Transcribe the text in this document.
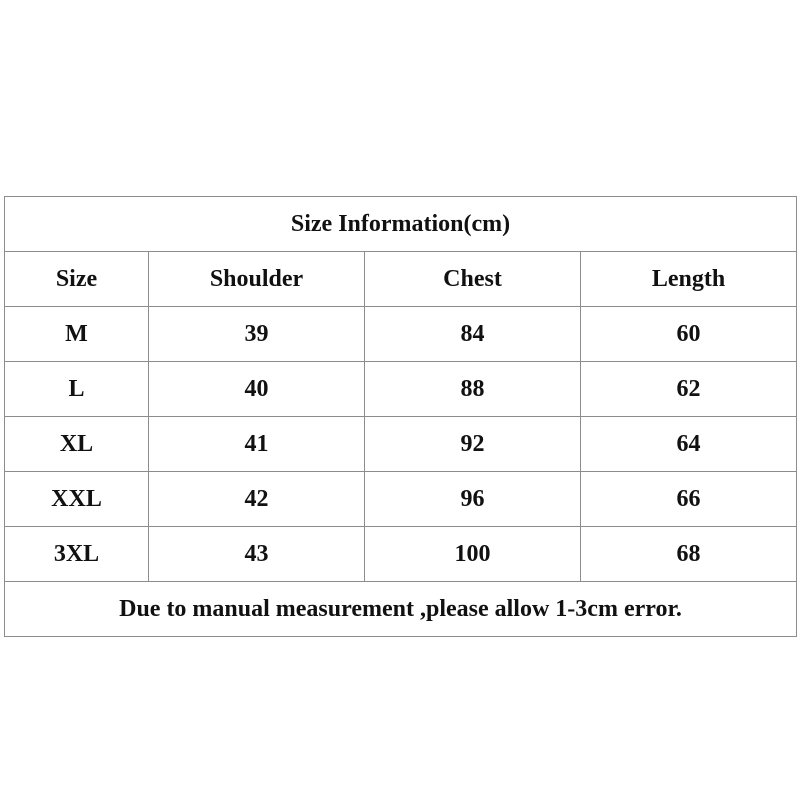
Size Information(cm)			
Size	Shoulder	Chest	Length
M	39	84	60
L	40	88	62
XL	41	92	64
XXL	42	96	66
3XL	43	100	68
Due to manual measurement ,please allow 1-3cm error.			
